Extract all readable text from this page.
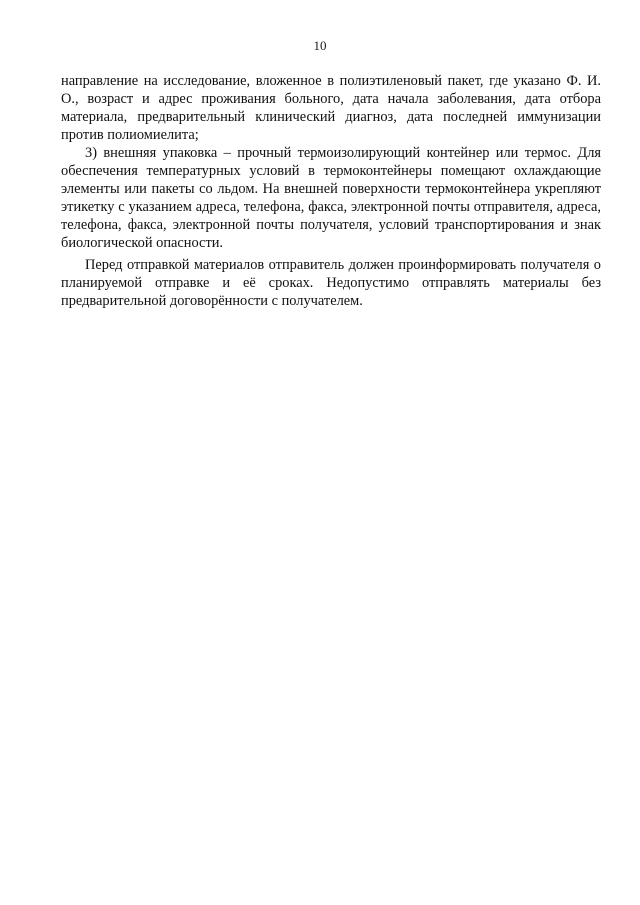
10

направление на исследование, вложенное в полиэтиленовый пакет, где указано Ф. И. О., возраст и адрес проживания больного, дата начала заболевания, дата отбора материала, предварительный клинический диагноз, дата последней иммунизации против полиомиелита;

3) внешняя упаковка – прочный термоизолирующий контейнер или термос. Для обеспечения температурных условий в термоконтейнеры помещают охлаждающие элементы или пакеты со льдом. На внешней поверхности термоконтейнера укрепляют этикетку с указанием адреса, телефона, факса, электронной почты отправителя, адреса, телефона, факса, электронной почты получателя, условий транспортирования и знак биологической опасности.

Перед отправкой материалов отправитель должен проинформировать получателя о планируемой отправке и её сроках. Недопустимо отправлять материалы без предварительной договорённости с получателем.
